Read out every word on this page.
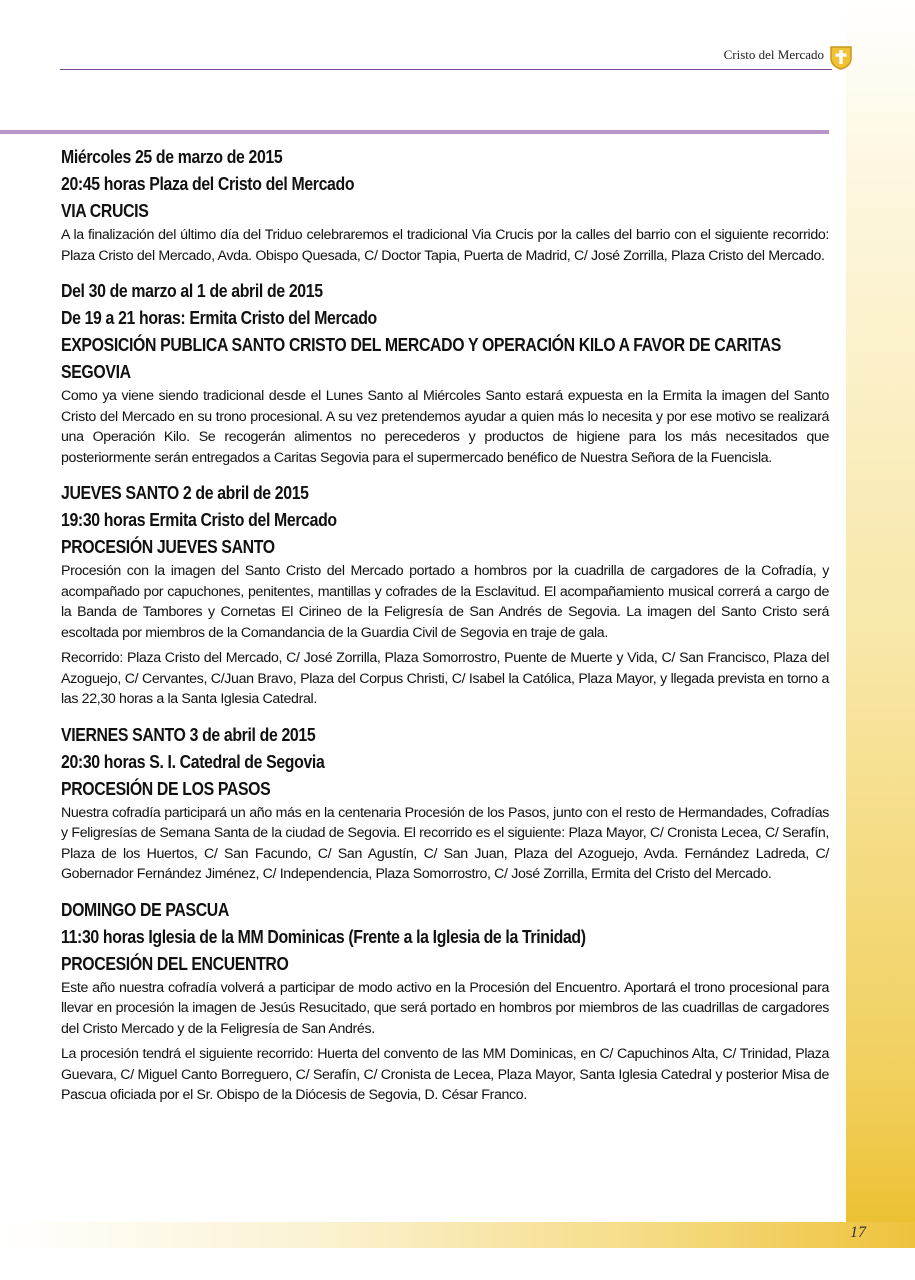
Cristo del Mercado
Miércoles 25 de marzo de 2015
20:45 horas Plaza del Cristo del Mercado
VIA CRUCIS

A la finalización del último día del Triduo celebraremos el tradicional Via Crucis por la calles del barrio con el siguiente recorrido: Plaza Cristo del Mercado, Avda. Obispo Quesada, C/ Doctor Tapia, Puerta de Madrid, C/ José Zorrilla, Plaza Cristo del Mercado.

Del 30 de marzo al 1 de abril de 2015
De 19 a 21 horas: Ermita Cristo del Mercado
EXPOSICIÓN PUBLICA SANTO CRISTO DEL MERCADO Y OPERACIÓN KILO A FAVOR DE CARITAS SEGOVIA

Como ya viene siendo tradicional desde el Lunes Santo al Miércoles Santo estará expuesta en la Ermita la imagen del Santo Cristo del Mercado en su trono procesional. A su vez pretendemos ayudar a quien más lo necesita y por ese motivo se realizará una Operación Kilo. Se recogerán alimentos no perecederos y productos de higiene para los más necesitados que posteriormente serán entregados a Caritas Segovia para el supermercado benéfico de Nuestra Señora de la Fuencisla.

JUEVES SANTO 2 de abril de 2015
19:30 horas Ermita Cristo del Mercado
PROCESIÓN JUEVES SANTO

Procesión con la imagen del Santo Cristo del Mercado portado a hombros por la cuadrilla de cargadores de la Cofradía, y acompañado por capuchones, penitentes, mantillas y cofrades de la Esclavitud. El acompañamiento musical correrá a cargo de la Banda de Tambores y Cornetas El Cirineo de la Feligresía de San Andrés de Segovia. La imagen del Santo Cristo será escoltada por miembros de la Comandancia de la Guardia Civil de Segovia en traje de gala.

Recorrido: Plaza Cristo del Mercado, C/ José Zorrilla, Plaza Somorrostro, Puente de Muerte y Vida, C/ San Francisco, Plaza del Azoguejo, C/ Cervantes, C/Juan Bravo, Plaza del Corpus Christi, C/ Isabel la Católica, Plaza Mayor, y llegada prevista en torno a las 22,30 horas a la Santa Iglesia Catedral.

VIERNES SANTO 3 de abril de 2015
20:30 horas S. I. Catedral de Segovia
PROCESIÓN DE LOS PASOS

Nuestra cofradía participará un año más en la centenaria Procesión de los Pasos, junto con el resto de Hermandades, Cofradías y Feligresías de Semana Santa de la ciudad de Segovia. El recorrido es el siguiente: Plaza Mayor, C/ Cronista Lecea, C/ Serafín, Plaza de los Huertos, C/ San Facundo, C/ San Agustín, C/ San Juan, Plaza del Azoguejo, Avda. Fernández Ladreda, C/ Gobernador Fernández Jiménez, C/ Independencia, Plaza Somorrostro, C/ José Zorrilla, Ermita del Cristo del Mercado.

DOMINGO DE PASCUA
11:30 horas Iglesia de la MM Dominicas (Frente a la Iglesia de la Trinidad)
PROCESIÓN DEL ENCUENTRO

Este año nuestra cofradía volverá a participar de modo activo en la Procesión del Encuentro. Aportará el trono procesional para llevar en procesión la imagen de Jesús Resucitado, que será portado en hombros por miembros de las cuadrillas de cargadores del Cristo Mercado y de la Feligresía de San Andrés.

La procesión tendrá el siguiente recorrido: Huerta del convento de las MM Dominicas, en C/ Capuchinos Alta, C/ Trinidad, Plaza Guevara, C/ Miguel Canto Borreguero, C/ Serafín, C/ Cronista de Lecea, Plaza Mayor, Santa Iglesia Catedral y posterior Misa de Pascua oficiada por el Sr. Obispo de la Diócesis de Segovia, D. César Franco.

17
